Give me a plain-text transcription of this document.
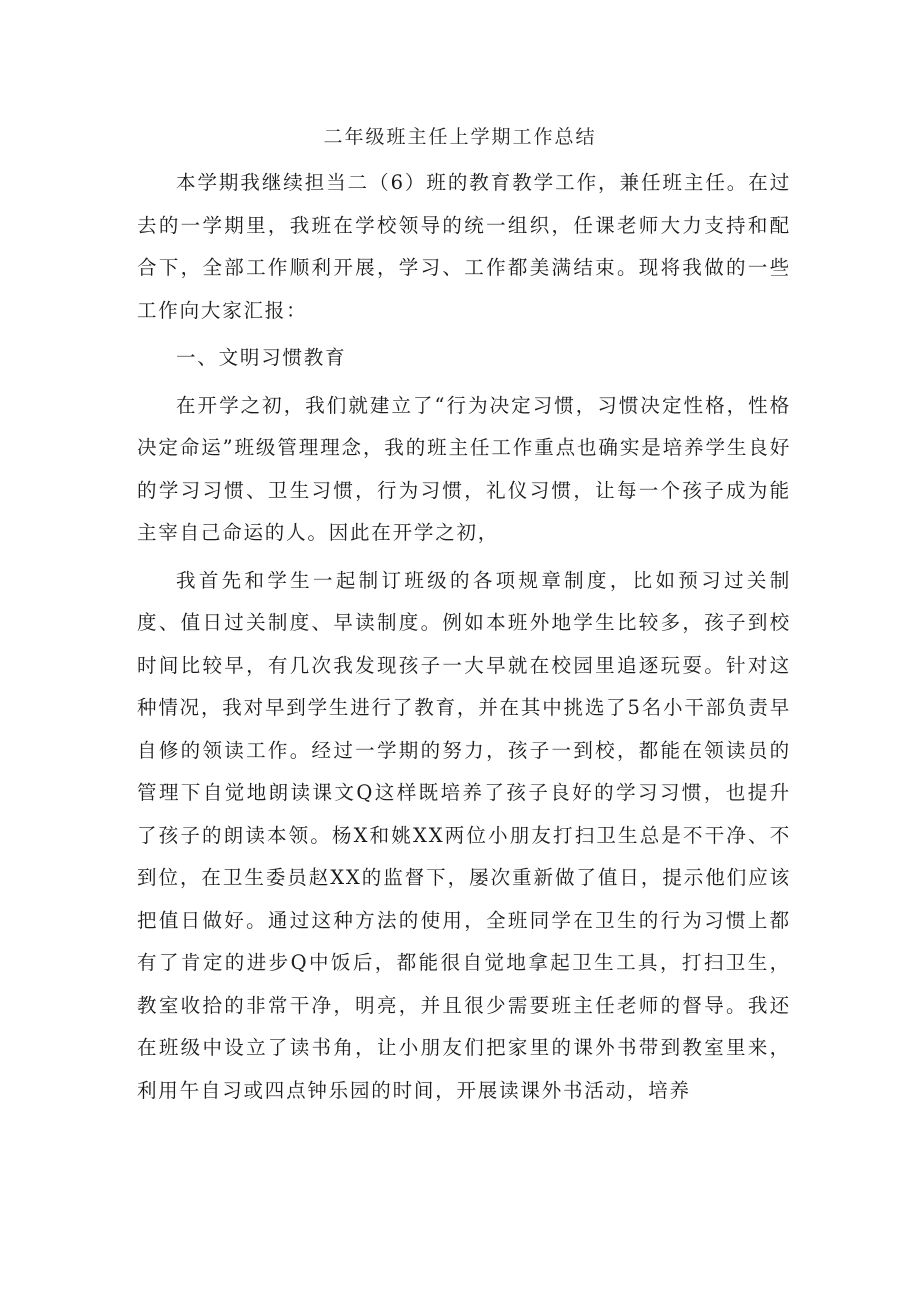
二年级班主任上学期工作总结

本学期我继续担当二（6）班的教育教学工作，兼任班主任。在过去的一学期里，我班在学校领导的统一组织，任课老师大力支持和配合下，全部工作顺利开展，学习、工作都美满结束。现将我做的一些工作向大家汇报：

一、文明习惯教育

在开学之初，我们就建立了“行为决定习惯，习惯决定性格，性格决定命运”班级管理理念，我的班主任工作重点也确实是培养学生良好的学习习惯、卫生习惯，行为习惯，礼仪习惯，让每一个孩子成为能主宰自己命运的人。因此在开学之初，

我首先和学生一起制订班级的各项规章制度，比如预习过关制度、值日过关制度、早读制度。例如本班外地学生比较多，孩子到校时间比较早，有几次我发现孩子一大早就在校园里追逐玩耍。针对这种情况，我对早到学生进行了教育，并在其中挑选了5名小干部负责早自修的领读工作。经过一学期的努力，孩子一到校，都能在领读员的管理下自觉地朗读课文Q这样既培养了孩子良好的学习习惯，也提升了孩子的朗读本领。杨X和姚XX两位小朋友打扫卫生总是不干净、不到位，在卫生委员赵XX的监督下，屡次重新做了值日，提示他们应该把值日做好。通过这种方法的使用，全班同学在卫生的行为习惯上都有了肯定的进步Q中饭后，都能很自觉地拿起卫生工具，打扫卫生，教室收拾的非常干净，明亮，并且很少需要班主任老师的督导。我还在班级中设立了读书角，让小朋友们把家里的课外书带到教室里来，利用午自习或四点钟乐园的时间，开展读课外书活动，培养
